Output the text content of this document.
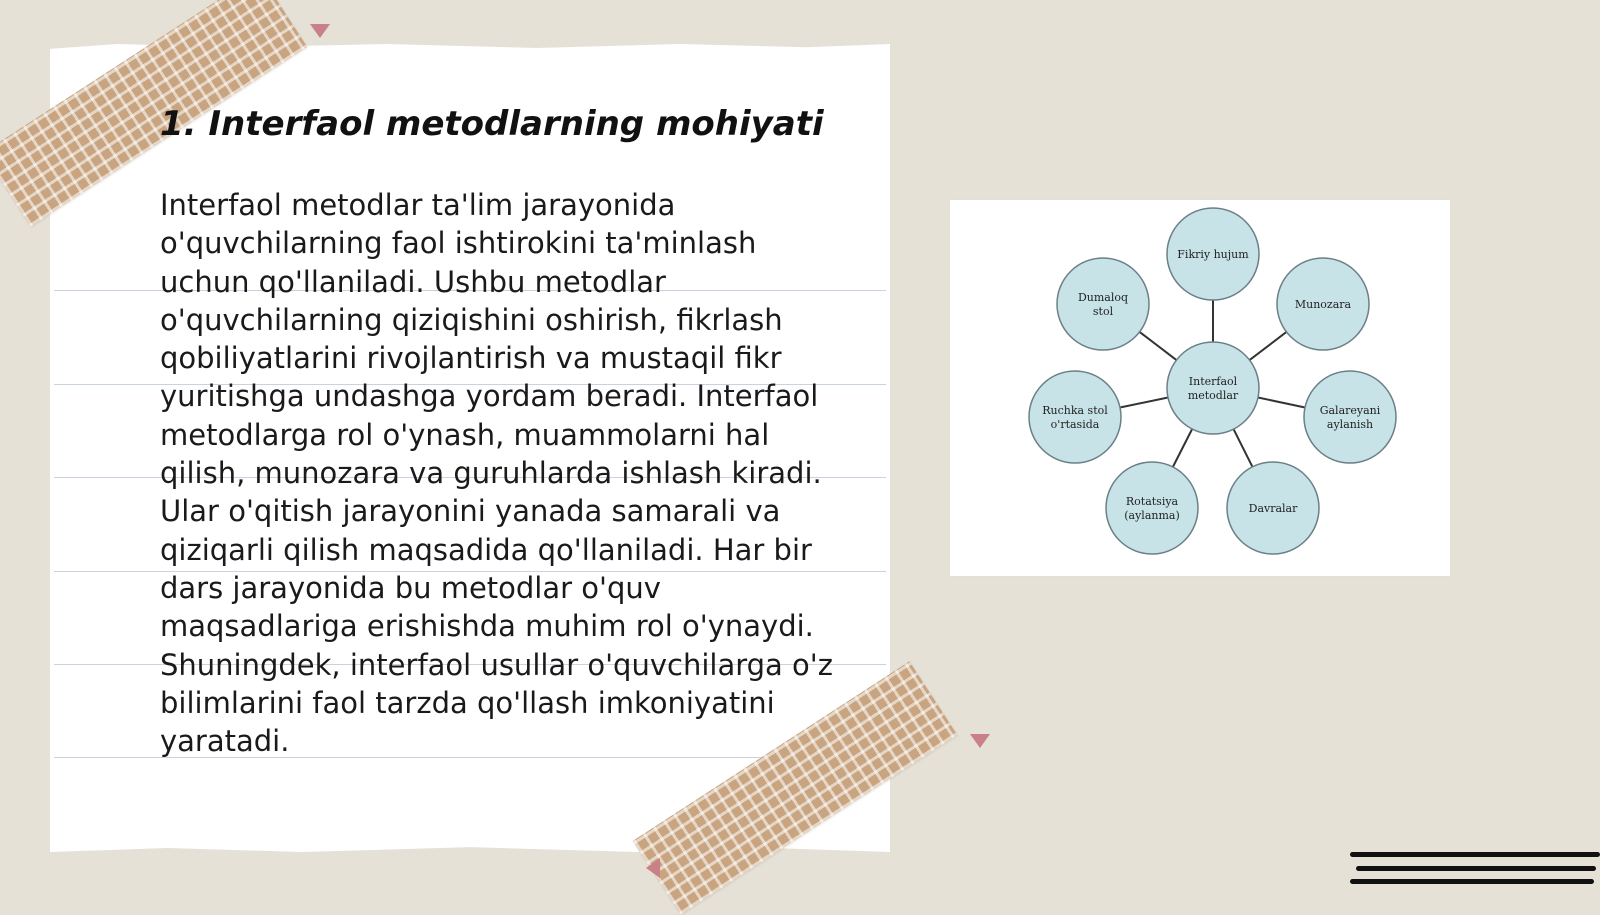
1. Interfaol metodlarning mohiyati

Interfaol metodlar ta'lim jarayonida o'quvchilarning faol ishtirokini ta'minlash uchun qo'llaniladi. Ushbu metodlar o'quvchilarning qiziqishini oshirish, fikrlash qobiliyatlarini rivojlantirish va mustaqil fikr yuritishga undashga yordam beradi. Interfaol metodlarga rol o'ynash, muammolarni hal qilish, munozara va guruhlarda ishlash kiradi. Ular o'qitish jarayonini yanada samarali va qiziqarli qilish maqsadida qo'llaniladi. Har bir dars jarayonida bu metodlar o'quv maqsadlariga erishishda muhim rol o'ynaydi. Shuningdek, interfaol usullar o'quvchilarga o'z bilimlarini faol tarzda qo'llash imkoniyatini yaratadi.

Fikriy hujum
Munozara
Galareyani
aylanish
Davralar
Rotatsiya
(aylanma)
Ruchka stol
o'rtasida
Dumaloq
stol
Interfaol
metodlar
